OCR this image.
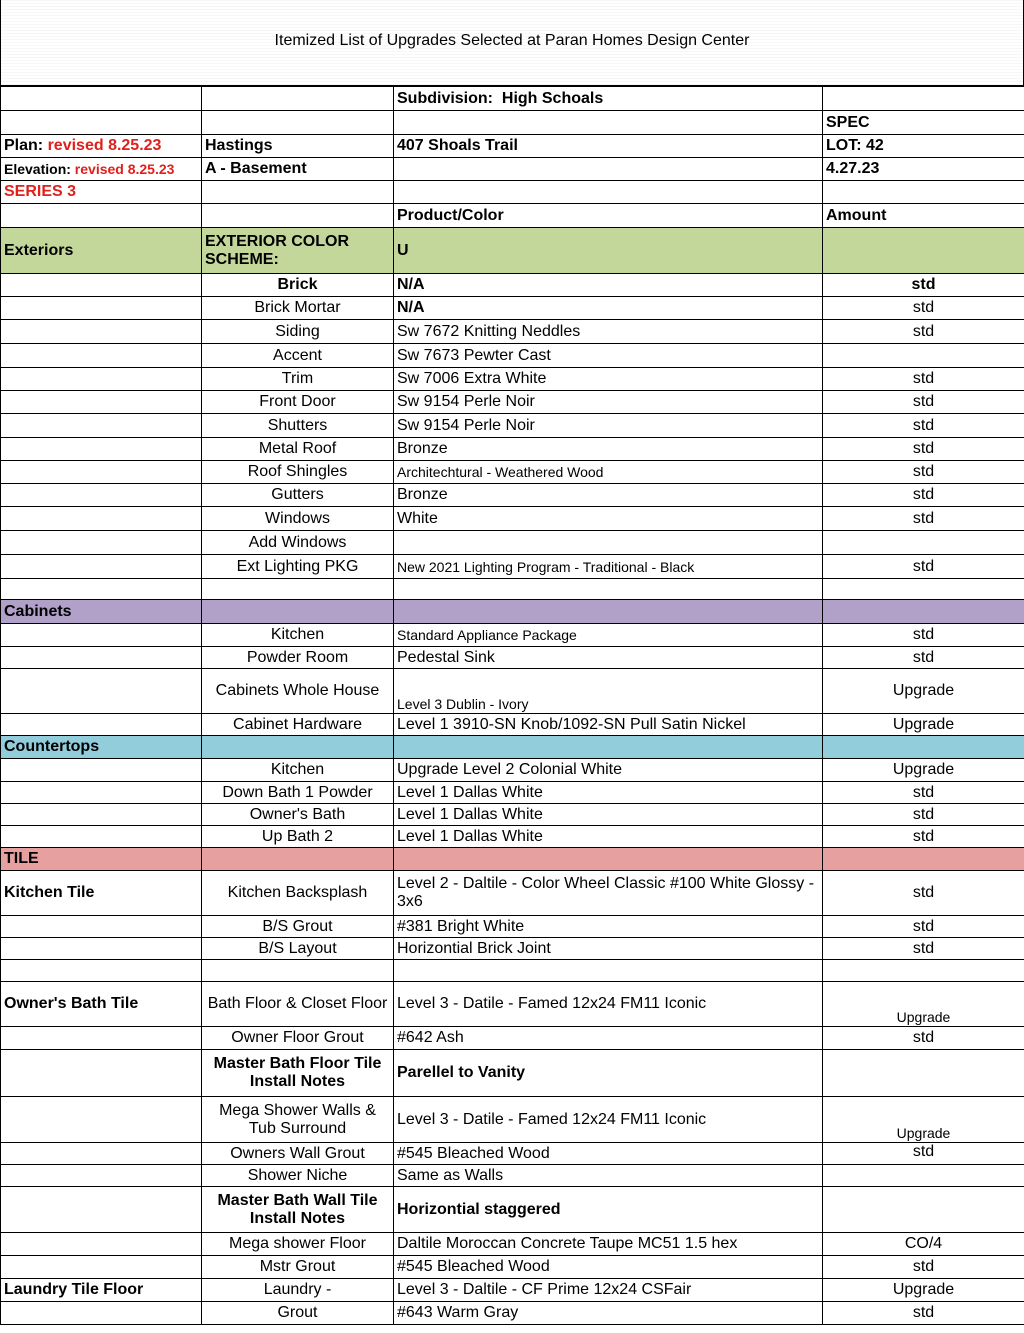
Itemized List of Upgrades Selected at Paran Homes Design Center
		Subdivision: High Schoals	
			SPEC
Plan: revised 8.25.23	Hastings	407 Shoals Trail	LOT: 42
Elevation: revised 8.25.23	A - Basement		4.27.23
SERIES 3			
		Product/Color	Amount
Exteriors	EXTERIOR COLOR SCHEME:	U	
	Brick	N/A	std
	Brick Mortar	N/A	std
	Siding	Sw 7672 Knitting Neddles	std
	Accent	Sw 7673 Pewter Cast	
	Trim	Sw 7006 Extra White	std
	Front Door	Sw 9154 Perle Noir	std
	Shutters	Sw 9154 Perle Noir	std
	Metal Roof	Bronze	std
	Roof Shingles	Architechtural - Weathered Wood	std
	Gutters	Bronze	std
	Windows	White	std
	Add Windows		
	Ext Lighting PKG	New 2021 Lighting Program - Traditional - Black	std

Cabinets			
	Kitchen	Standard Appliance Package	std
	Powder Room	Pedestal Sink	std
	Cabinets Whole House	Level 3 Dublin - Ivory	Upgrade
	Cabinet Hardware	Level 1 3910-SN Knob/1092-SN Pull Satin Nickel	Upgrade
Countertops			
	Kitchen	Upgrade Level 2 Colonial White	Upgrade
	Down Bath 1 Powder	Level 1 Dallas White	std
	Owner's Bath	Level 1 Dallas White	std
	Up Bath 2	Level 1 Dallas White	std
TILE			
Kitchen Tile	Kitchen Backsplash	Level 2 - Daltile - Color Wheel Classic #100 White Glossy - 3x6	std
	B/S Grout	#381 Bright White	std
	B/S Layout	Horizontial Brick Joint	std

Owner's Bath Tile	Bath Floor & Closet Floor	Level 3 - Datile - Famed 12x24 FM11 Iconic	Upgrade
	Owner Floor Grout	#642 Ash	std
	Master Bath Floor Tile Install Notes	Parellel to Vanity	
	Mega Shower Walls & Tub Surround	Level 3 - Datile - Famed 12x24 FM11 Iconic	Upgrade
	Owners Wall Grout	#545 Bleached Wood	std
	Shower Niche	Same as Walls	
	Master Bath Wall Tile Install Notes	Horizontial staggered	
	Mega shower Floor	Daltile Moroccan Concrete Taupe MC51 1.5 hex	CO/4
	Mstr Grout	#545 Bleached Wood	std
Laundry Tile Floor	Laundry -	Level 3 - Daltile - CF Prime 12x24 CSFair	Upgrade
	Grout	#643 Warm Gray	std
